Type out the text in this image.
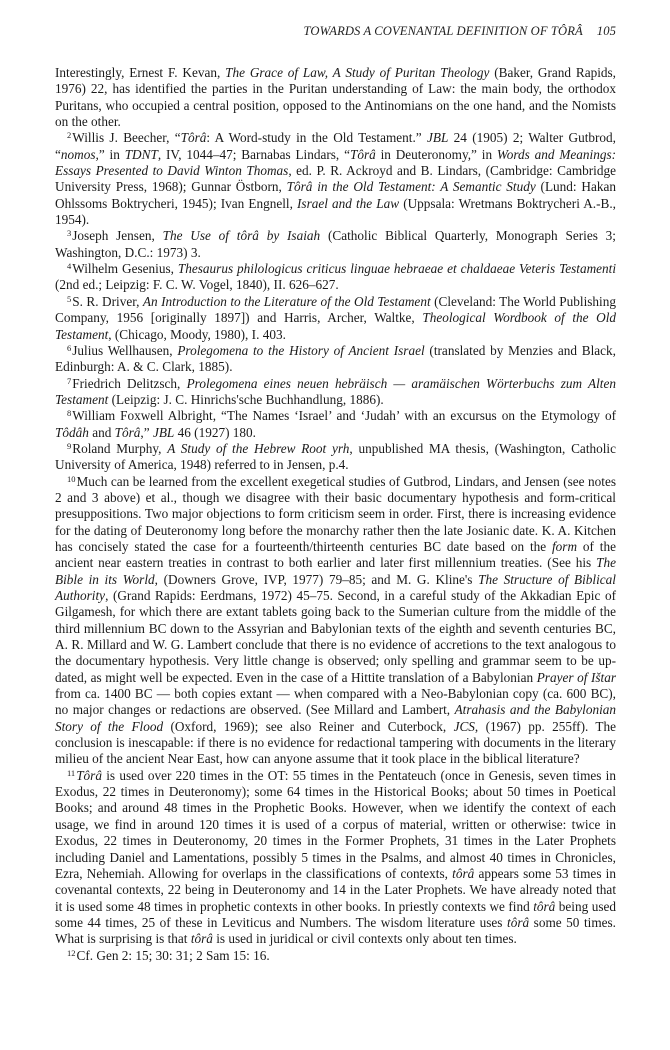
TOWARDS A COVENANTAL DEFINITION OF TÔRÂ 105

Interestingly, Ernest F. Kevan, The Grace of Law, A Study of Puritan Theology (Baker, Grand Rapids, 1976) 22, has identified the parties in the Puritan understanding of Law: the main body, the orthodox Puritans, who occupied a central position, opposed to the Antinomians on the one hand, and the Nomists on the other.

$^2$Willis J. Beecher, “Tôrâ: A Word-study in the Old Testament.” JBL 24 (1905) 2; Walter Gutbrod, “nomos,” in TDNT, IV, 1044–47; Barnabas Lindars, “Tôrâ in Deuteronomy,” in Words and Meanings: Essays Presented to David Winton Thomas, ed. P. R. Ackroyd and B. Lindars, (Cambridge: Cambridge University Press, 1968); Gunnar Östborn, Tôrâ in the Old Testament: A Semantic Study (Lund: Hakan Ohlssoms Boktrycheri, 1945); Ivan Engnell, Israel and the Law (Uppsala: Wretmans Boktrycheri A.-B., 1954).

$^3$Joseph Jensen, The Use of tôrâ by Isaiah (Catholic Biblical Quarterly, Monograph Series 3; Washington, D.C.: 1973) 3.

$^4$Wilhelm Gesenius, Thesaurus philologicus criticus linguae hebraeae et chaldaeae Veteris Testamenti (2nd ed.; Leipzig: F. C. W. Vogel, 1840), II. 626–627.

$^5$S. R. Driver, An Introduction to the Literature of the Old Testament (Cleveland: The World Publishing Company, 1956 [originally 1897]) and Harris, Archer, Waltke, Theological Wordbook of the Old Testament, (Chicago, Moody, 1980), I. 403.

$^6$Julius Wellhausen, Prolegomena to the History of Ancient Israel (translated by Menzies and Black, Edinburgh: A. & C. Clark, 1885).

$^7$Friedrich Delitzsch, Prolegomena eines neuen hebräisch — aramäischen Wörterbuchs zum Alten Testament (Leipzig: J. C. Hinrichs'sche Buchhandlung, 1886).

$^8$William Foxwell Albright, “The Names ‘Israel’ and ‘Judah’ with an excursus on the Etymology of Tôdâh and Tôrâ,” JBL 46 (1927) 180.

$^9$Roland Murphy, A Study of the Hebrew Root yrh, unpublished MA thesis, (Washington, Catholic University of America, 1948) referred to in Jensen, p.4.

$^{10}$Much can be learned from the excellent exegetical studies of Gutbrod, Lindars, and Jensen (see notes 2 and 3 above) et al., though we disagree with their basic documentary hypothesis and form-critical presuppositions. Two major objections to form criticism seem in order. First, there is increasing evidence for the dating of Deuteronomy long before the monarchy rather then the late Josianic date. K. A. Kitchen has concisely stated the case for a fourteenth/thirteenth centuries BC date based on the form of the ancient near eastern treaties in contrast to both earlier and later first millennium treaties. (See his The Bible in its World, (Downers Grove, IVP, 1977) 79–85; and M. G. Kline's The Structure of Biblical Authority, (Grand Rapids: Eerdmans, 1972) 45–75. Second, in a careful study of the Akkadian Epic of Gilgamesh, for which there are extant tablets going back to the Sumerian culture from the middle of the third millennium BC down to the Assyrian and Babylonian texts of the eighth and seventh centuries BC, A. R. Millard and W. G. Lambert conclude that there is no evidence of accretions to the text analogous to the documentary hypothesis. Very little change is observed; only spelling and grammar seem to be up-dated, as might well be expected. Even in the case of a Hittite translation of a Babylonian Prayer of Ištar from ca. 1400 BC — both copies extant — when compared with a Neo-Babylonian copy (ca. 600 BC), no major changes or redactions are observed. (See Millard and Lambert, Atrahasis and the Babylonian Story of the Flood (Oxford, 1969); see also Reiner and Cuterbock, JCS, (1967) pp. 255ff). The conclusion is inescapable: if there is no evidence for redactional tampering with documents in the literary milieu of the ancient Near East, how can anyone assume that it took place in the biblical literature?

$^{11}$Tôrâ is used over 220 times in the OT: 55 times in the Pentateuch (once in Genesis, seven times in Exodus, 22 times in Deuteronomy); some 64 times in the Historical Books; about 50 times in Poetical Books; and around 48 times in the Prophetic Books. However, when we identify the context of each usage, we find in around 120 times it is used of a corpus of material, written or otherwise: twice in Exodus, 22 times in Deuteronomy, 20 times in the Former Prophets, 31 times in the Later Prophets including Daniel and Lamentations, possibly 5 times in the Psalms, and almost 40 times in Chronicles, Ezra, Nehemiah. Allowing for overlaps in the classifications of contexts, tôrâ appears some 53 times in covenantal contexts, 22 being in Deuteronomy and 14 in the Later Prophets. We have already noted that it is used some 48 times in prophetic contexts in other books. In priestly contexts we find tôrâ being used some 44 times, 25 of these in Leviticus and Numbers. The wisdom literature uses tôrâ some 50 times. What is surprising is that tôrâ is used in juridical or civil contexts only about ten times.

$^{12}$Cf. Gen 2: 15; 30: 31; 2 Sam 15: 16.
